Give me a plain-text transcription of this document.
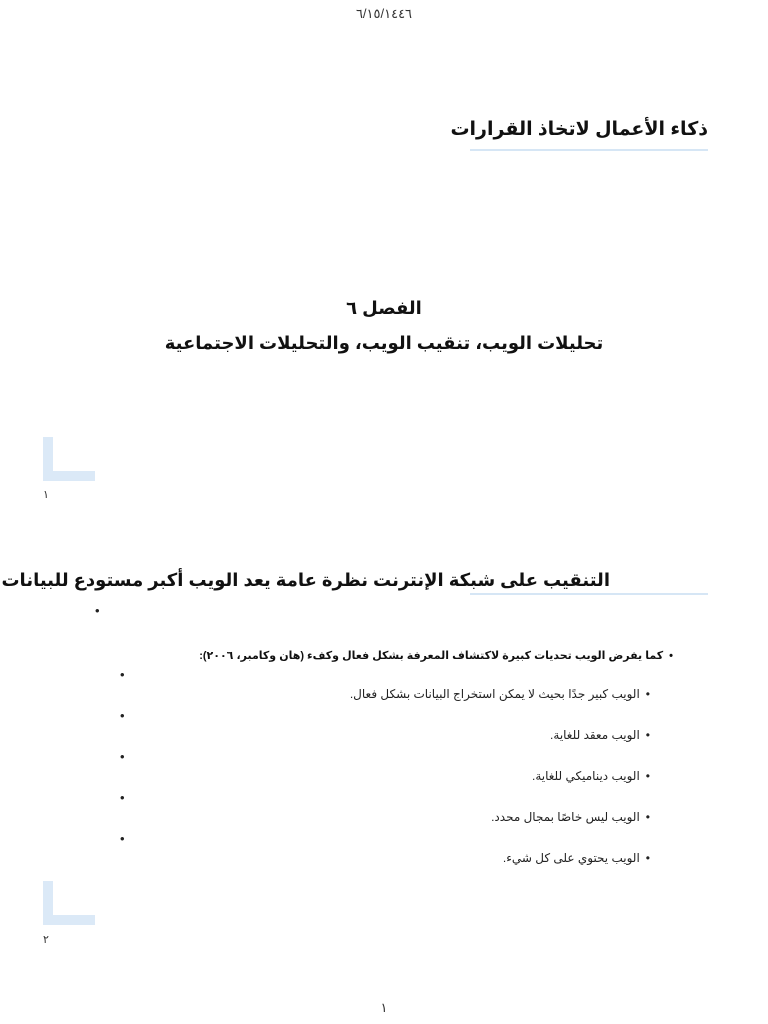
٦/١٥/١٤٤٦
ذكاء الأعمال لاتخاذ القرارات
الفصل ٦
تحليلات الويب، تنقيب الويب، والتحليلات الاجتماعية
١
التنقيب على شبكة الإنترنت نظرة عامة يعد الويب أكبر مستودع للبيانات
•
•كما يفرض الويب تحديات كبيرة لاكتشاف المعرفة بشكل فعال وكفء (هان وكامبر، ٢٠٠٦):
•
•
•
•
•
•الويب كبير جدًا بحيث لا يمكن استخراج البيانات بشكل فعال.
•الويب معقد للغاية.
•الويب ديناميكي للغاية.
•الويب ليس خاصًا بمجال محدد.
•الويب يحتوي على كل شيء.
٢
١
